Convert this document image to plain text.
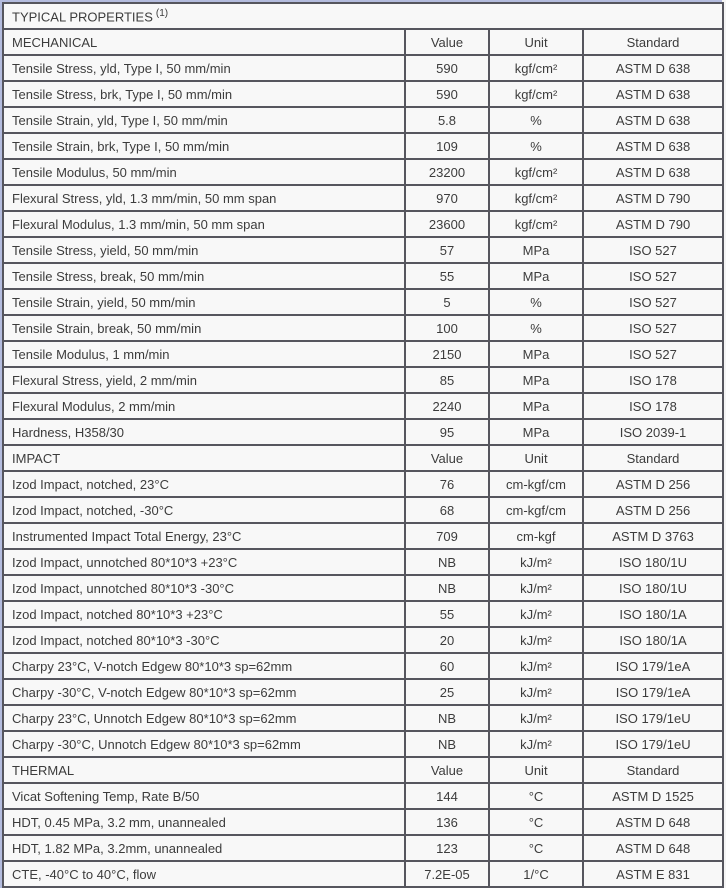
TYPICAL PROPERTIES $^{(1)}$
MECHANICAL	Value	Unit	Standard
Tensile Stress, yld, Type I, 50 mm/min	590	kgf/cm²	ASTM D 638
Tensile Stress, brk, Type I, 50 mm/min	590	kgf/cm²	ASTM D 638
Tensile Strain, yld, Type I, 50 mm/min	5.8	%	ASTM D 638
Tensile Strain, brk, Type I, 50 mm/min	109	%	ASTM D 638
Tensile Modulus, 50 mm/min	23200	kgf/cm²	ASTM D 638
Flexural Stress, yld, 1.3 mm/min, 50 mm span	970	kgf/cm²	ASTM D 790
Flexural Modulus, 1.3 mm/min, 50 mm span	23600	kgf/cm²	ASTM D 790
Tensile Stress, yield, 50 mm/min	57	MPa	ISO 527
Tensile Stress, break, 50 mm/min	55	MPa	ISO 527
Tensile Strain, yield, 50 mm/min	5	%	ISO 527
Tensile Strain, break, 50 mm/min	100	%	ISO 527
Tensile Modulus, 1 mm/min	2150	MPa	ISO 527
Flexural Stress, yield, 2 mm/min	85	MPa	ISO 178
Flexural Modulus, 2 mm/min	2240	MPa	ISO 178
Hardness, H358/30	95	MPa	ISO 2039-1
IMPACT	Value	Unit	Standard
Izod Impact, notched, 23°C	76	cm-kgf/cm	ASTM D 256
Izod Impact, notched, -30°C	68	cm-kgf/cm	ASTM D 256
Instrumented Impact Total Energy, 23°C	709	cm-kgf	ASTM D 3763
Izod Impact, unnotched 80*10*3 +23°C	NB	kJ/m²	ISO 180/1U
Izod Impact, unnotched 80*10*3 -30°C	NB	kJ/m²	ISO 180/1U
Izod Impact, notched 80*10*3 +23°C	55	kJ/m²	ISO 180/1A
Izod Impact, notched 80*10*3 -30°C	20	kJ/m²	ISO 180/1A
Charpy 23°C, V-notch Edgew 80*10*3 sp=62mm	60	kJ/m²	ISO 179/1eA
Charpy -30°C, V-notch Edgew 80*10*3 sp=62mm	25	kJ/m²	ISO 179/1eA
Charpy 23°C, Unnotch Edgew 80*10*3 sp=62mm	NB	kJ/m²	ISO 179/1eU
Charpy -30°C, Unnotch Edgew 80*10*3 sp=62mm	NB	kJ/m²	ISO 179/1eU
THERMAL	Value	Unit	Standard
Vicat Softening Temp, Rate B/50	144	°C	ASTM D 1525
HDT, 0.45 MPa, 3.2 mm, unannealed	136	°C	ASTM D 648
HDT, 1.82 MPa, 3.2mm, unannealed	123	°C	ASTM D 648
CTE, -40°C to 40°C, flow	7.2E-05	1/°C	ASTM E 831
